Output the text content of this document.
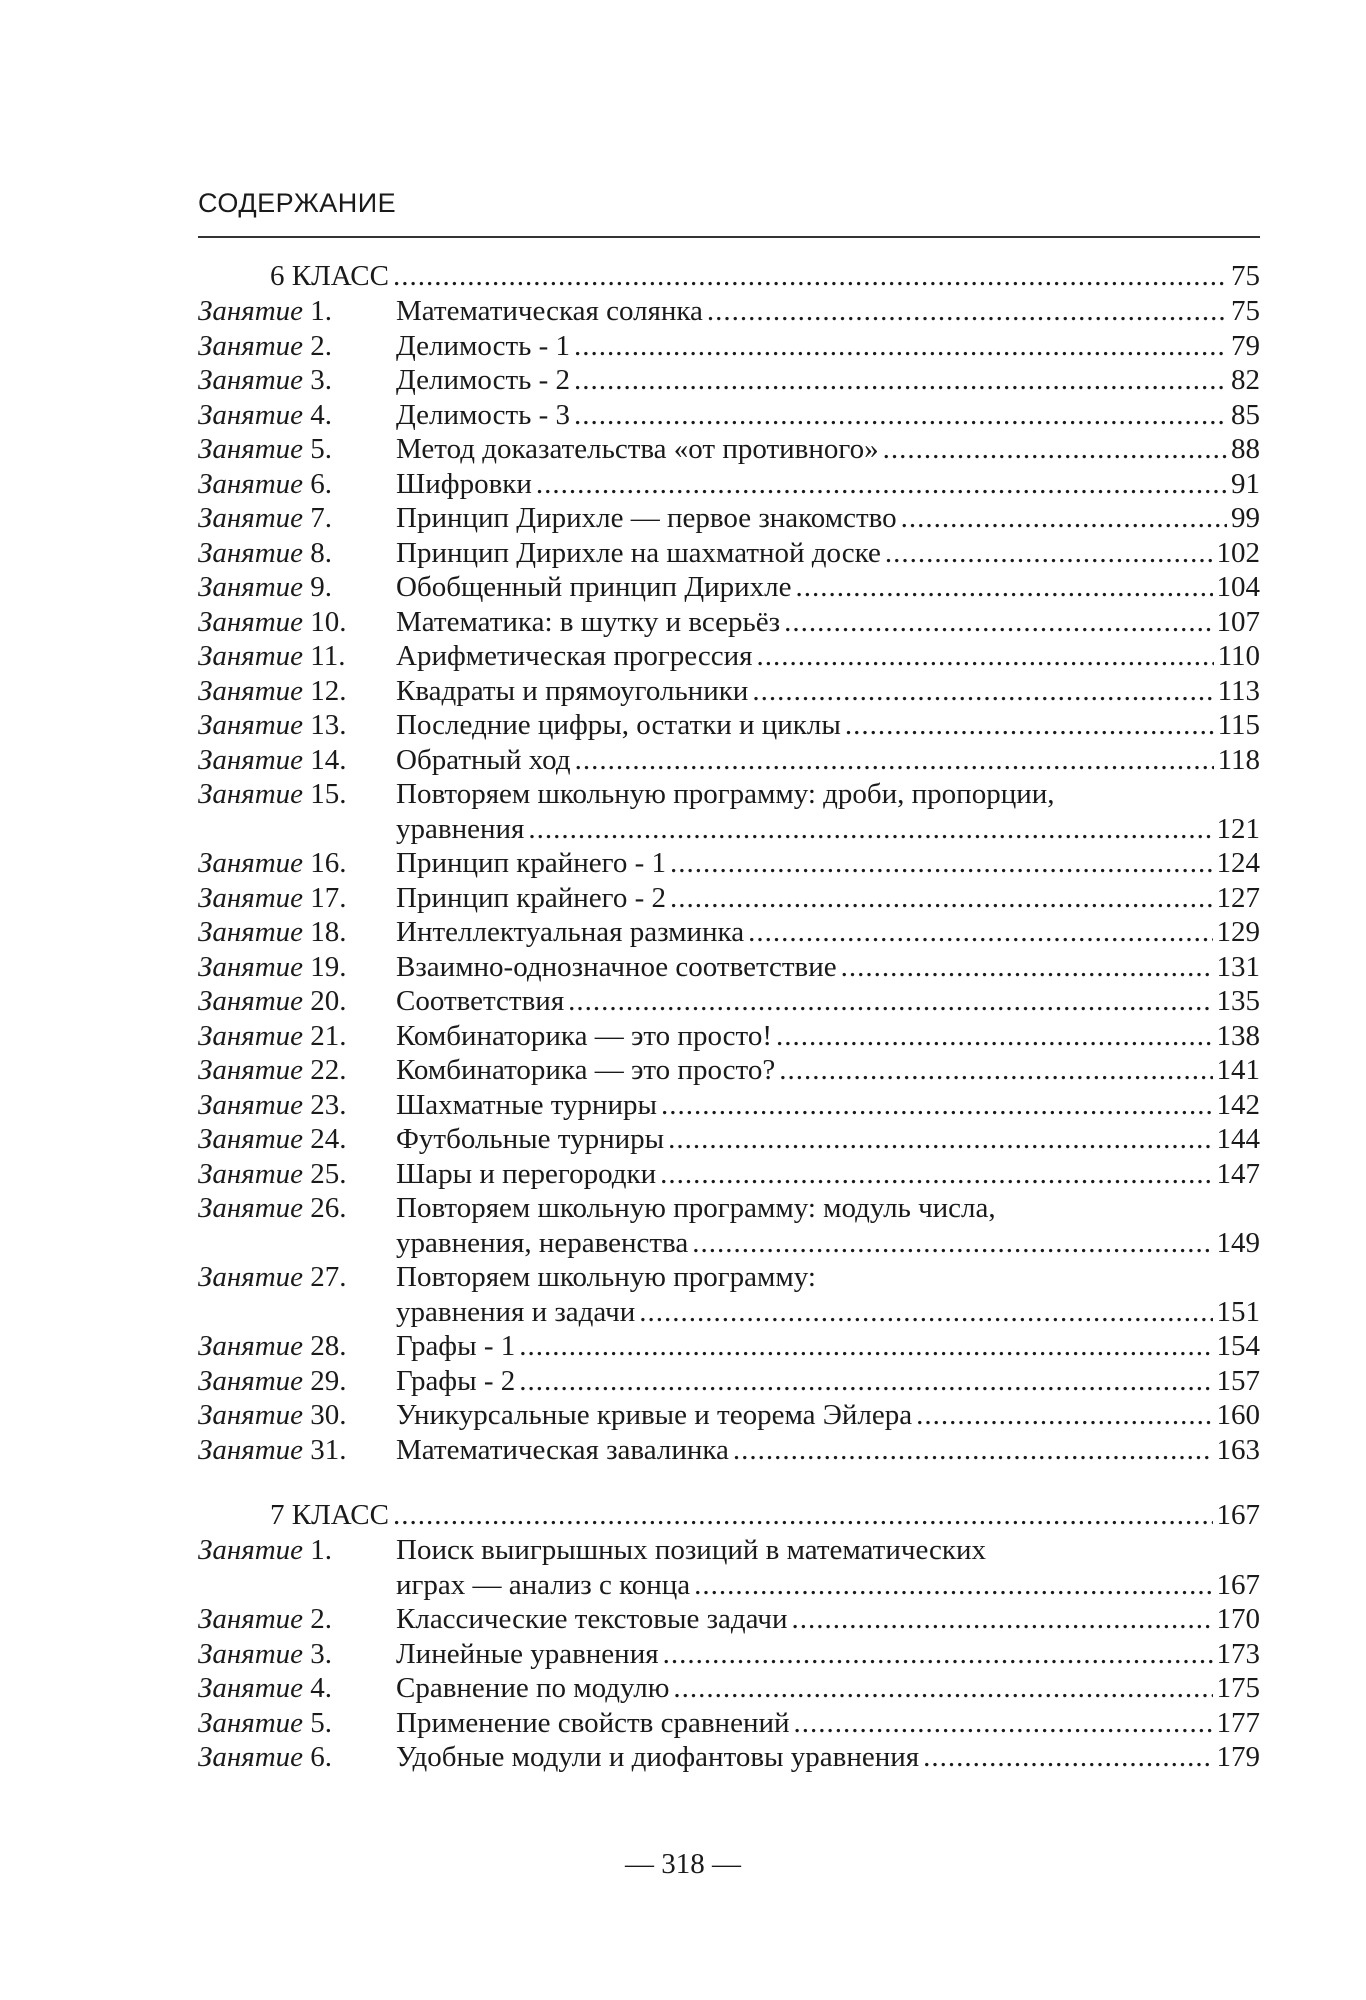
СОДЕРЖАНИЕ
6 КЛАСС .....	75
Занятие 1.	Математическая солянка .....	75
Занятие 2.	Делимость - 1 .....	79
Занятие 3.	Делимость - 2 .....	82
Занятие 4.	Делимость - 3 .....	85
Занятие 5.	Метод доказательства «от противного» .....	88
Занятие 6.	Шифровки .....	91
Занятие 7.	Принцип Дирихле — первое знакомство .....	99
Занятие 8.	Принцип Дирихле на шахматной доске .....	102
Занятие 9.	Обобщенный принцип Дирихле .....	104
Занятие 10.	Математика: в шутку и всерьёз .....	107
Занятие 11.	Арифметическая прогрессия .....	110
Занятие 12.	Квадраты и прямоугольники .....	113
Занятие 13.	Последние цифры, остатки и циклы .....	115
Занятие 14.	Обратный ход .....	118
Занятие 15.	Повторяем школьную программу: дроби, пропорции,
уравнения .....	121
Занятие 16.	Принцип крайнего - 1 .....	124
Занятие 17.	Принцип крайнего - 2 .....	127
Занятие 18.	Интеллектуальная разминка .....	129
Занятие 19.	Взаимно-однозначное соответствие .....	131
Занятие 20.	Соответствия .....	135
Занятие 21.	Комбинаторика — это просто! .....	138
Занятие 22.	Комбинаторика — это просто? .....	141
Занятие 23.	Шахматные турниры .....	142
Занятие 24.	Футбольные турниры .....	144
Занятие 25.	Шары и перегородки .....	147
Занятие 26.	Повторяем школьную программу: модуль числа,
уравнения, неравенства .....	149
Занятие 27.	Повторяем школьную программу:
уравнения и задачи .....	151
Занятие 28.	Графы - 1 .....	154
Занятие 29.	Графы - 2 .....	157
Занятие 30.	Уникурсальные кривые и теорема Эйлера .....	160
Занятие 31.	Математическая завалинка .....	163
7 КЛАСС .....	167
Занятие 1.	Поиск выигрышных позиций в математических
играх — анализ с конца .....	167
Занятие 2.	Классические текстовые задачи .....	170
Занятие 3.	Линейные уравнения .....	173
Занятие 4.	Сравнение по модулю .....	175
Занятие 5.	Применение свойств сравнений .....	177
Занятие 6.	Удобные модули и диофантовы уравнения .....	179
— 318 —
